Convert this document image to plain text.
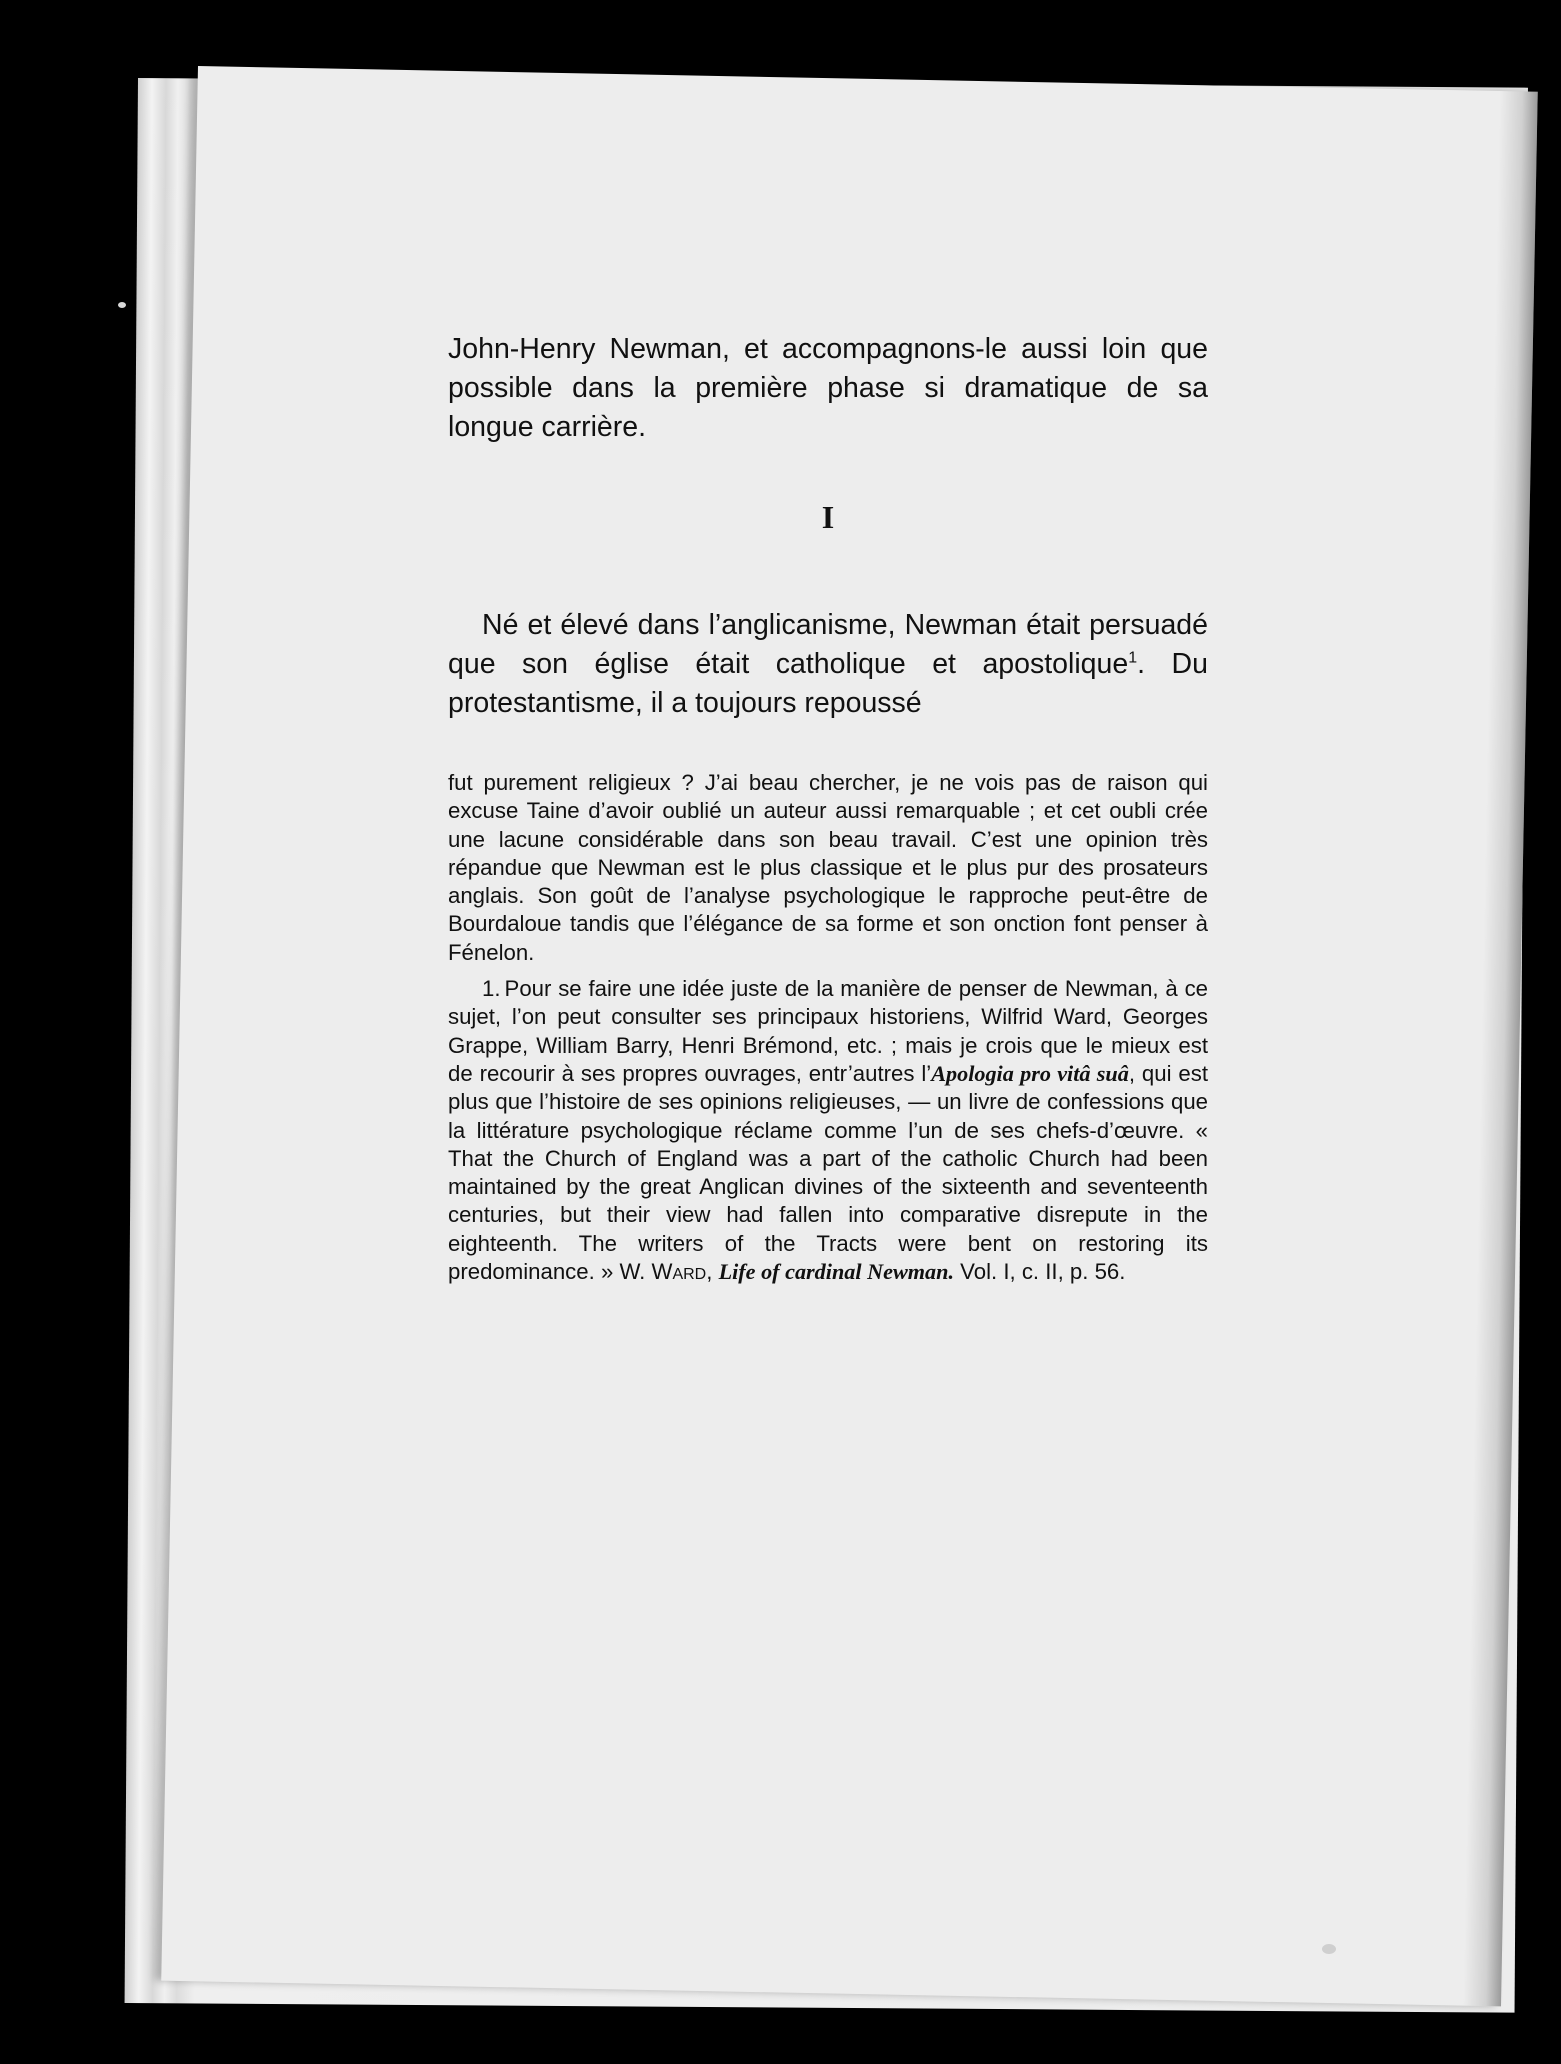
John-Henry Newman, et accompagnons-le aussi loin que possible dans la première phase si dramatique de sa longue carrière.

I

Né et élevé dans l’anglicanisme, Newman était persuadé que son église était catholique et apostolique$^1$. Du protestantisme, il a toujours repoussé

fut purement religieux ? J’ai beau chercher, je ne vois pas de raison qui excuse Taine d’avoir oublié un auteur aussi remarquable ; et cet oubli crée une lacune considérable dans son beau travail. C’est une opinion très répandue que Newman est le plus classique et le plus pur des prosateurs anglais. Son goût de l’analyse psychologique le rapproche peut-être de Bourdaloue tandis que l’élégance de sa forme et son onction font penser à Fénelon.

1. Pour se faire une idée juste de la manière de penser de Newman, à ce sujet, l’on peut consulter ses principaux historiens, Wilfrid Ward, Georges Grappe, William Barry, Henri Brémond, etc. ; mais je crois que le mieux est de recourir à ses propres ouvrages, entr’autres l’Apologia pro vitâ suâ, qui est plus que l’histoire de ses opinions religieuses, — un livre de confessions que la littérature psychologique réclame comme l’un de ses chefs-d’œuvre. « That the Church of England was a part of the catholic Church had been maintained by the great Anglican divines of the sixteenth and seventeenth centuries, but their view had fallen into comparative disrepute in the eighteenth. The writers of the Tracts were bent on restoring its predominance. » W. Ward, Life of cardinal Newman. Vol. I, c. II, p. 56.
